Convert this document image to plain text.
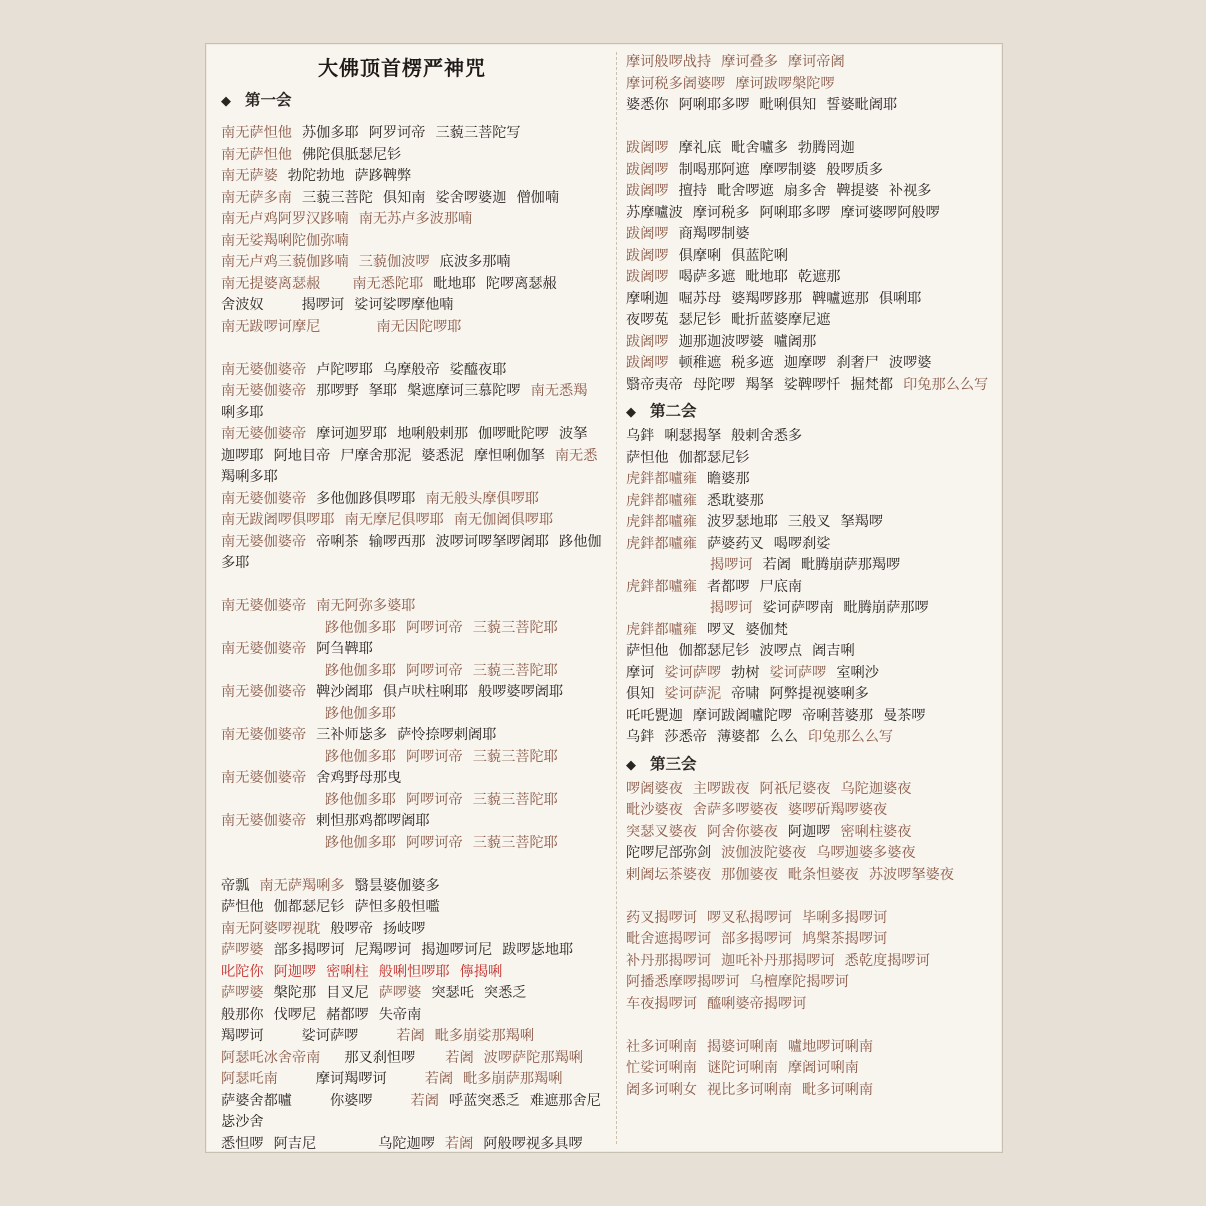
大佛顶首楞严神咒
◆ 第一会
南无萨怛他 苏伽多耶 阿罗诃帝 三藐三菩陀写
南无萨怛他 佛陀俱胝瑟尼钐
南无萨婆 勃陀勃地 萨跢鞞弊
南无萨多南 三藐三菩陀 俱知南 娑舍啰婆迦 僧伽喃
南无卢鸡阿罗汉跢喃 南无苏卢多波那喃
南无娑羯唎陀伽弥喃
南无卢鸡三藐伽跢喃 三藐伽波啰 底波多那喃
南无提婆离瑟赧 南无悉陀耶 毗地耶 陀啰离瑟赧
舍波奴	揭啰诃 娑诃娑啰摩他喃
南无跋啰诃摩尼	南无因陀啰耶
南无婆伽婆帝 卢陀啰耶 乌摩般帝 娑醯夜耶
南无婆伽婆帝 那啰野 拏耶 槃遮摩诃三慕陀啰 南无悉羯
唎多耶
南无婆伽婆帝 摩诃迦罗耶 地唎般剌那 伽啰毗陀啰 波拏
迦啰耶 阿地目帝 尸摩舍那泥 婆悉泥 摩怛唎伽拏 南无悉
羯唎多耶
南无婆伽婆帝 多他伽跢俱啰耶 南无般头摩俱啰耶
南无跋阇啰俱啰耶 南无摩尼俱啰耶 南无伽阇俱啰耶
南无婆伽婆帝 帝唎茶 输啰西那 波啰诃啰拏啰阇耶 跢他伽
多耶
南无婆伽婆帝 南无阿弥多婆耶
跢他伽多耶 阿啰诃帝 三藐三菩陀耶
南无婆伽婆帝 阿刍鞞耶
跢他伽多耶 阿啰诃帝 三藐三菩陀耶
南无婆伽婆帝 鞞沙阇耶 俱卢吠柱唎耶 般啰婆啰阇耶
跢他伽多耶
南无婆伽婆帝 三补师毖多 萨怜捺啰剌阇耶
跢他伽多耶 阿啰诃帝 三藐三菩陀耶
南无婆伽婆帝 舍鸡野母那曳
跢他伽多耶 阿啰诃帝 三藐三菩陀耶
南无婆伽婆帝 剌怛那鸡都啰阇耶
跢他伽多耶 阿啰诃帝 三藐三菩陀耶
帝瓢 南无萨羯唎多 翳昙婆伽婆多
萨怛他 伽都瑟尼钐 萨怛多般怛嚂
南无阿婆啰视耽 般啰帝 扬岐啰
萨啰婆 部多揭啰诃 尼羯啰诃 揭迦啰诃尼 跋啰毖地耶
叱陀你 阿迦啰 密唎柱 般唎怛啰耶 儜揭唎
萨啰婆 槃陀那 目叉尼 萨啰婆 突瑟吒 突悉乏
般那你 伐啰尼 赭都啰 失帝南
羯啰诃	娑诃萨啰	若阇 毗多崩娑那羯唎
阿瑟吒冰舍帝南 那叉刹怛啰 若阇 波啰萨陀那羯唎
阿瑟吒南	摩诃羯啰诃	若阇 毗多崩萨那羯唎
萨婆舍都嚧	你婆啰	若阇 呼蓝突悉乏 难遮那舍尼
毖沙舍
悉怛啰 阿吉尼	乌陀迦啰 若阇 阿般啰视多具啰
摩诃般啰战持 摩诃叠多 摩诃帝阇
摩诃税多阇婆啰 摩诃跋啰槃陀啰
婆悉你 阿唎耶多啰 毗唎俱知 誓婆毗阇耶
跋阇啰 摩礼底 毗舍嚧多 勃腾罔迦
跋阇啰 制喝那阿遮 摩啰制婆 般啰质多
跋阇啰 擅持 毗舍啰遮 扇多舍 鞞提婆 补视多
苏摩嚧波 摩诃税多 阿唎耶多啰 摩诃婆啰阿般啰
跋阇啰 商羯啰制婆
跋阇啰 俱摩唎 俱蓝陀唎
跋阇啰 喝萨多遮 毗地耶 乾遮那
摩唎迦 啒苏母 婆羯啰跢那 鞞嚧遮那 俱唎耶
夜啰菟 瑟尼钐 毗折蓝婆摩尼遮
跋阇啰 迦那迦波啰婆 嚧阇那
跋阇啰 顿稚遮 税多遮 迦摩啰 刹奢尸 波啰婆
翳帝夷帝 母陀啰 羯拏 娑鞞啰忏 掘梵都 印兔那么么写
◆ 第二会
乌鉡 唎瑟揭拏 般剌舍悉多
萨怛他 伽都瑟尼钐
虎鉡都嚧雍 瞻婆那
虎鉡都嚧雍 悉耽婆那
虎鉡都嚧雍 波罗瑟地耶 三般叉 拏羯啰
虎鉡都嚧雍 萨婆药叉 喝啰刹娑
揭啰诃 若阇 毗腾崩萨那羯啰
虎鉡都嚧雍 者都啰 尸底南
揭啰诃 娑诃萨啰南 毗腾崩萨那啰
虎鉡都嚧雍 啰叉 婆伽梵
萨怛他 伽都瑟尼钐 波啰点 阇吉唎
摩诃 娑诃萨啰 勃树 娑诃萨啰 室唎沙
俱知 娑诃萨泥 帝啸 阿弊提视婆唎多
吒吒甖迦 摩诃跋阇嚧陀啰 帝唎菩婆那 曼茶啰
乌鉡 莎悉帝 薄婆都 么么 印兔那么么写
◆ 第三会
啰阇婆夜 主啰跋夜 阿祇尼婆夜 乌陀迦婆夜
毗沙婆夜 舍萨多啰婆夜 婆啰斫羯啰婆夜
突瑟叉婆夜 阿舍你婆夜 阿迦啰 密唎柱婆夜
陀啰尼部弥剑 波伽波陀婆夜 乌啰迦婆多婆夜
剌阇坛茶婆夜 那伽婆夜 毗条怛婆夜 苏波啰拏婆夜
药叉揭啰诃 啰叉私揭啰诃 毕唎多揭啰诃
毗舍遮揭啰诃 部多揭啰诃 鸠槃茶揭啰诃
补丹那揭啰诃 迦吒补丹那揭啰诃 悉乾度揭啰诃
阿播悉摩啰揭啰诃 乌檀摩陀揭啰诃
车夜揭啰诃 醯唎婆帝揭啰诃
社多诃唎南 揭婆诃唎南 嚧地啰诃唎南
忙娑诃唎南 谜陀诃唎南 摩阇诃唎南
阇多诃唎女 视比多诃唎南 毗多诃唎南
